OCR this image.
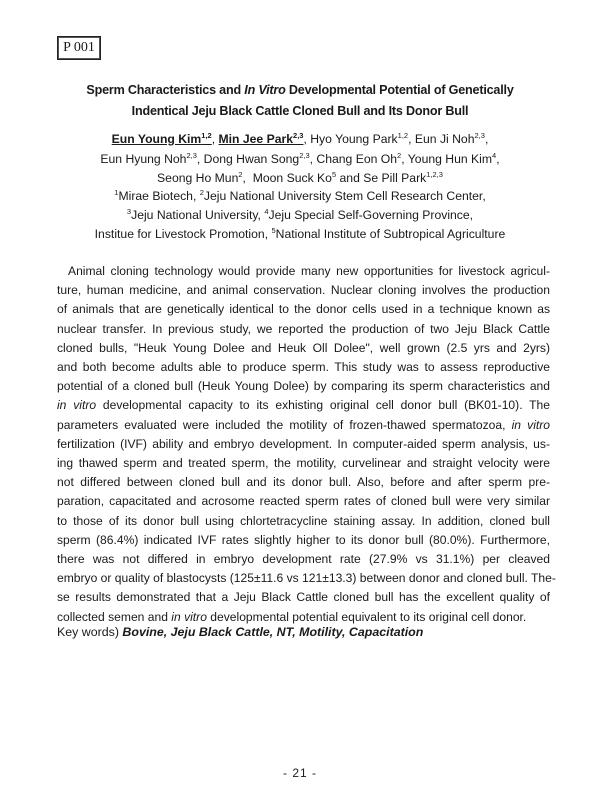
P 001
Sperm Characteristics and In Vitro Developmental Potential of Genetically
Indentical Jeju Black Cattle Cloned Bull and Its Donor Bull
Eun Young Kim$^{1,2}$, Min Jee Park$^{2,3}$, Hyo Young Park$^{1,2}$, Eun Ji Noh$^{2,3}$,
Eun Hyung Noh$^{2,3}$, Dong Hwan Song$^{2,3}$, Chang Eon Oh$^2$, Young Hun Kim$^4$,
Seong Ho Mun$^2$,  Moon Suck Ko$^5$ and Se Pill Park$^{1,2,3}$
$^1$Mirae Biotech, $^2$Jeju National University Stem Cell Research Center,
$^3$Jeju National University, $^4$Jeju Special Self-Governing Province,
Institue for Livestock Promotion, $^5$National Institute of Subtropical Agriculture
Animal cloning technology would provide many new opportunities for livestock agricul-
ture, human medicine, and animal conservation. Nuclear cloning involves the production
of animals that are genetically identical to the donor cells used in a technique known as
nuclear transfer. In previous study, we reported the production of two Jeju Black Cattle
cloned bulls, "Heuk Young Dolee and Heuk Oll Dolee", well grown (2.5 yrs and 2yrs)
and both become adults able to produce sperm. This study was to assess reproductive
potential of a cloned bull (Heuk Young Dolee) by comparing its sperm characteristics and
in vitro developmental capacity to its exhisting original cell donor bull (BK01-10). The
parameters evaluated were included the motility of frozen-thawed spermatozoa, in vitro
fertilization (IVF) ability and embryo development. In computer-aided sperm analysis, us-
ing thawed sperm and treated sperm, the motility, curvelinear and straight velocity were
not differed between cloned bull and its donor bull. Also, before and after sperm pre-
paration, capacitated and acrosome reacted sperm rates of cloned bull were very similar
to those of its donor bull using chlortetracycline staining assay. In addition, cloned bull
sperm (86.4%) indicated IVF rates slightly higher to its donor bull (80.0%). Furthermore,
there was not differed in embryo development rate (27.9% vs 31.1%) per cleaved
embryo or quality of blastocysts (125±11.6 vs 121±13.3) between donor and cloned bull. The-
se results demonstrated that a Jeju Black Cattle cloned bull has the excellent quality of
collected semen and in vitro developmental potential equivalent to its original cell donor.
Key words) Bovine, Jeju Black Cattle, NT, Motility, Capacitation
- 21 -
